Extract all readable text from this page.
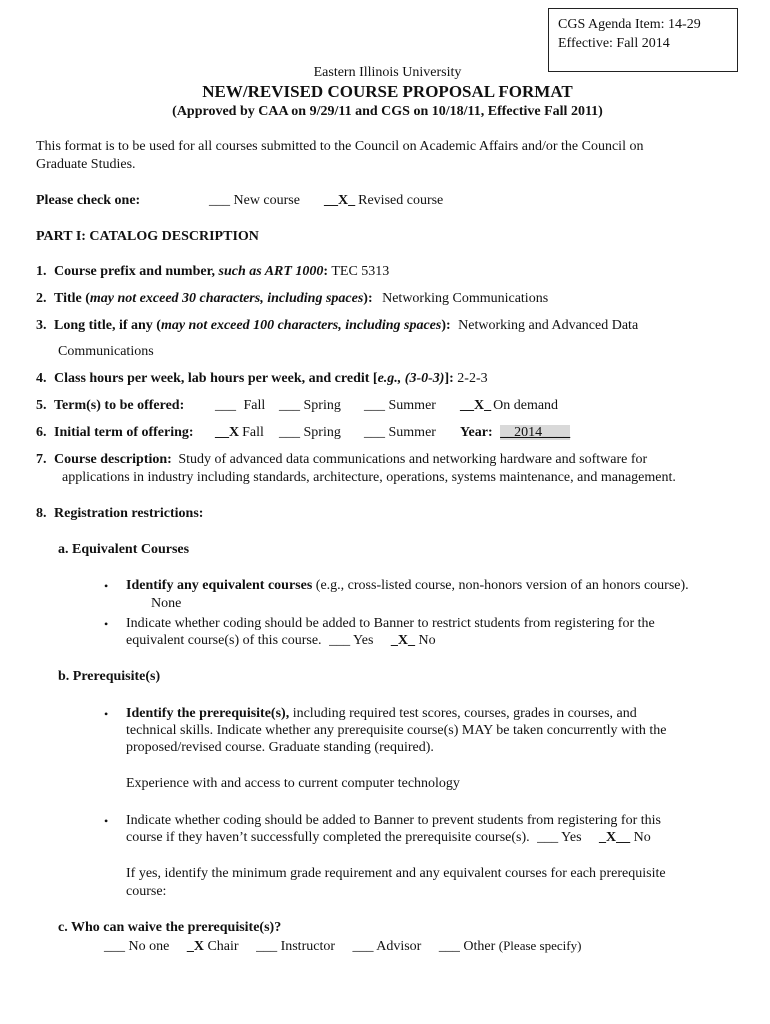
CGS Agenda Item: 14-29
Effective: Fall 2014
Eastern Illinois University
NEW/REVISED COURSE PROPOSAL FORMAT
(Approved by CAA on 9/29/11 and CGS on 10/18/11, Effective Fall 2011)
This format is to be used for all courses submitted to the Council on Academic Affairs and/or the Council on
Graduate Studies.
Please check one:	___ New course __X_ Revised course
PART I: CATALOG DESCRIPTION
1. Course prefix and number, such as ART 1000: TEC 5313
2. Title (may not exceed 30 characters, including spaces): Networking Communications
3. Long title, if any (may not exceed 100 characters, including spaces): Networking and Advanced Data
Communications
4. Class hours per week, lab hours per week, and credit [e.g., (3-0-3)]: 2-2-3
5. Term(s) to be offered: ___ Fall ___ Spring ___ Summer __X_ On demand
6. Initial term of offering: __X Fall ___ Spring ___ Summer Year: __2014____
7. Course description: Study of advanced data communications and networking hardware and software for
applications in industry including standards, architecture, operations, systems maintenance, and management.
8. Registration restrictions:
a. Equivalent Courses
• Identify any equivalent courses (e.g., cross-listed course, non-honors version of an honors course).
None
• Indicate whether coding should be added to Banner to restrict students from registering for the
equivalent course(s) of this course. ___ Yes _X_ No
b. Prerequisite(s)
• Identify the prerequisite(s), including required test scores, courses, grades in courses, and
technical skills. Indicate whether any prerequisite course(s) MAY be taken concurrently with the
proposed/revised course. Graduate standing (required).
Experience with and access to current computer technology
• Indicate whether coding should be added to Banner to prevent students from registering for this
course if they haven’t successfully completed the prerequisite course(s). ___ Yes _X__ No
If yes, identify the minimum grade requirement and any equivalent courses for each prerequisite
course:
c. Who can waive the prerequisite(s)?
___ No one _X Chair ___ Instructor ___ Advisor ___ Other (Please specify)
